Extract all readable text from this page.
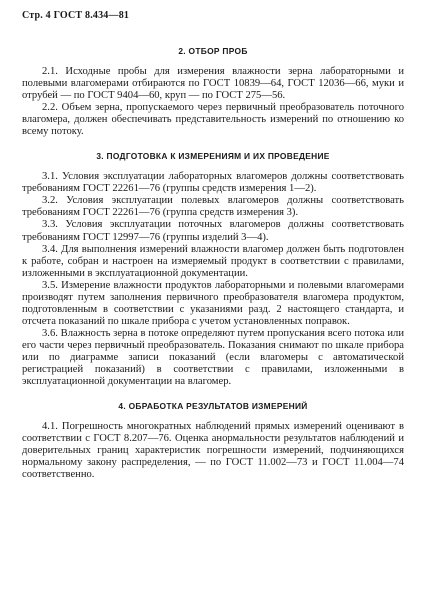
Стр. 4 ГОСТ 8.434—81
2. ОТБОР ПРОБ

2.1. Исходные пробы для измерения влажности зерна лабораторными и полевыми влагомерами отбираются по ГОСТ 10839—64, ГОСТ 12036—66, муки и отрубей — по ГОСТ 9404—60, круп — по ГОСТ 275—56.

2.2. Объем зерна, пропускаемого через первичный преобразователь поточного влагомера, должен обеспечивать представительность измерений по отношению ко всему потоку.

3. ПОДГОТОВКА К ИЗМЕРЕНИЯМ И ИХ ПРОВЕДЕНИЕ

3.1. Условия эксплуатации лабораторных влагомеров должны соответствовать требованиям ГОСТ 22261—76 (группы средств измерения 1—2).

3.2. Условия эксплуатации полевых влагомеров должны соответствовать требованиям ГОСТ 22261—76 (группа средств измерения 3).

3.3. Условия эксплуатации поточных влагомеров должны соответствовать требованиям ГОСТ 12997—76 (группы изделий 3—4).

3.4. Для выполнения измерений влажности влагомер должен быть подготовлен к работе, собран и настроен на измеряемый продукт в соответствии с правилами, изложенными в эксплуатационной документации.

3.5. Измерение влажности продуктов лабораторными и полевыми влагомерами производят путем заполнения первичного преобразователя влагомера продуктом, подготовленным в соответствии с указаниями разд. 2 настоящего стандарта, и отсчета показаний по шкале прибора с учетом установленных поправок.

3.6. Влажность зерна в потоке определяют путем пропускания всего потока или его части через первичный преобразователь. Показания снимают по шкале прибора или по диаграмме записи показаний (если влагомеры с автоматической регистрацией показаний) в соответствии с правилами, изложенными в эксплуатационной документации на влагомер.

4. ОБРАБОТКА РЕЗУЛЬТАТОВ ИЗМЕРЕНИЙ

4.1. Погрешность многократных наблюдений прямых измерений оценивают в соответствии с ГОСТ 8.207—76. Оценка анормальности результатов наблюдений и доверительных границ характеристик погрешности измерений, подчиняющихся нормальному закону распределения, — по ГОСТ 11.002—73 и ГОСТ 11.004—74 соответственно.
